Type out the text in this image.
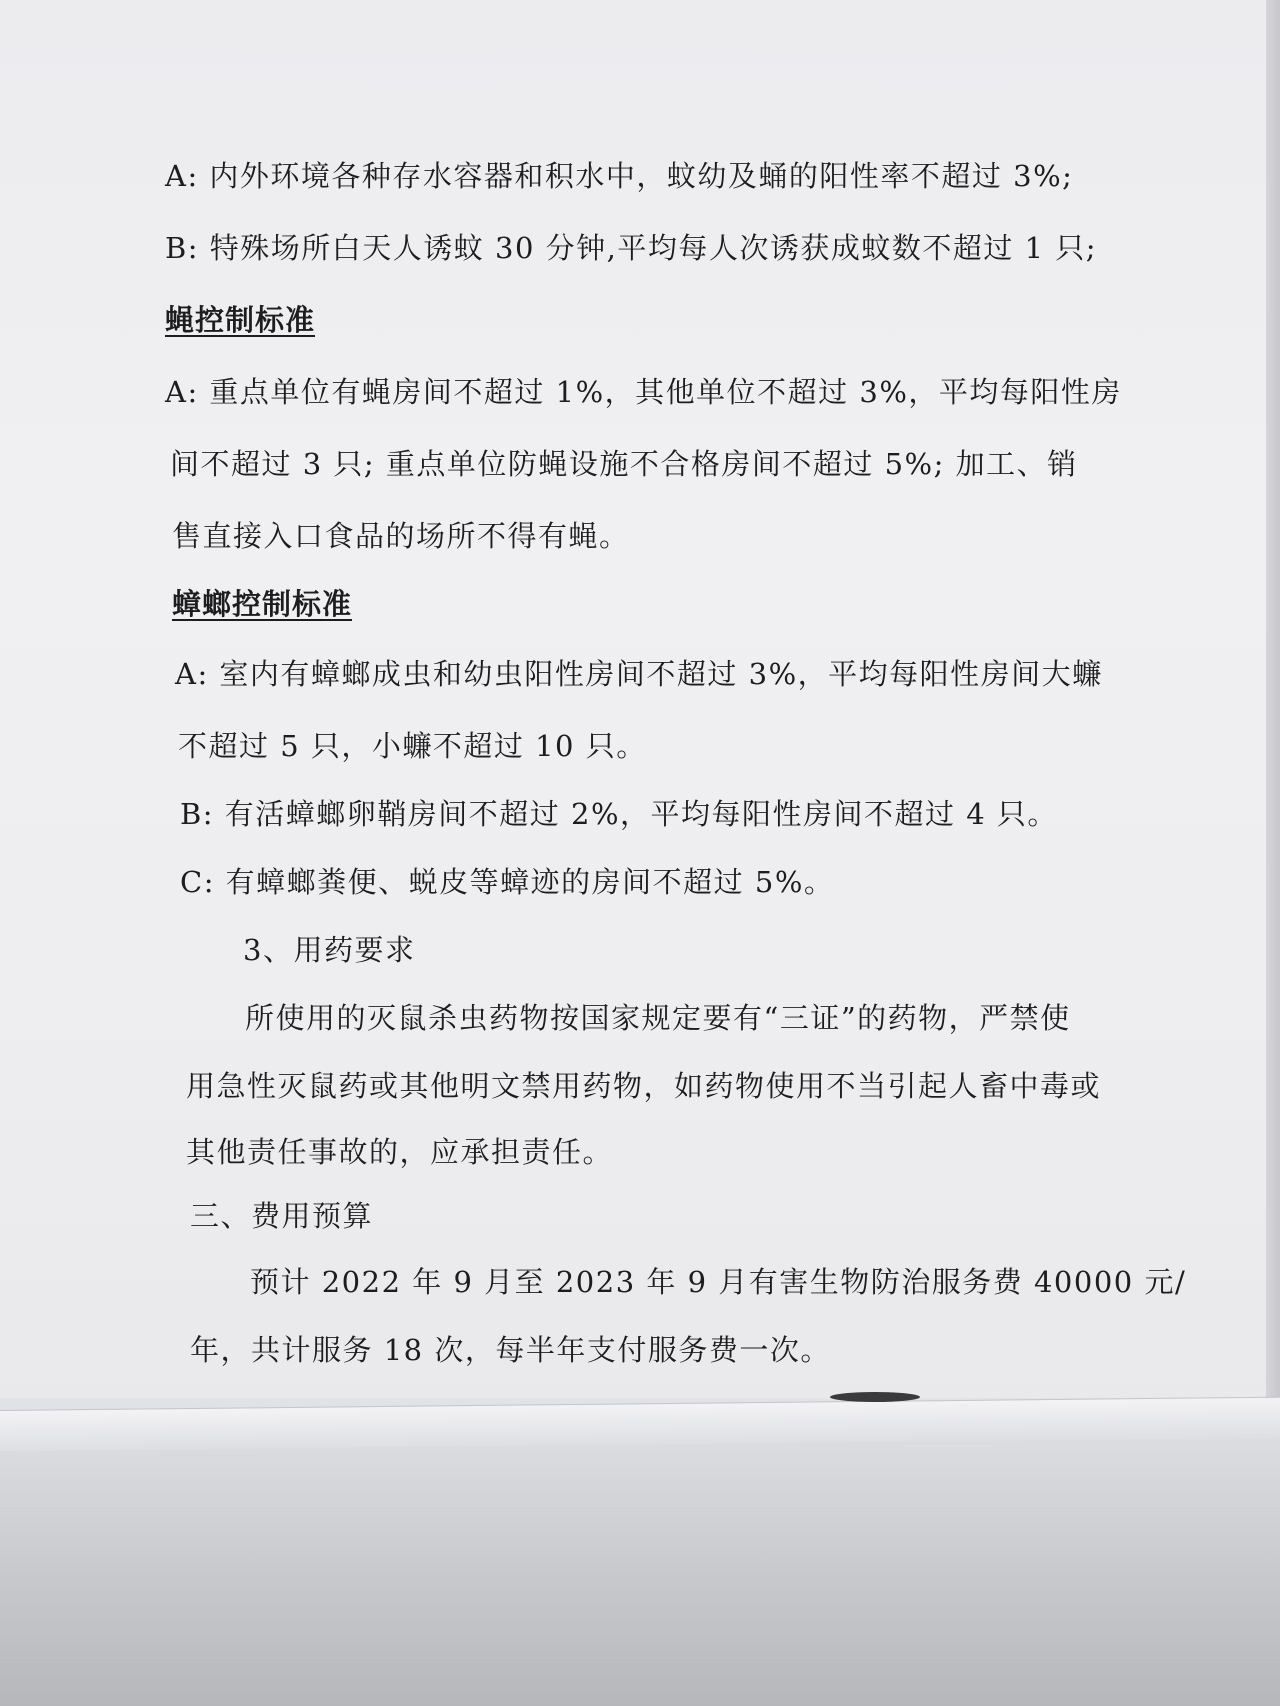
A: 内外环境各种存水容器和积水中，蚊幼及蛹的阳性率不超过 3%;

B: 特殊场所白天人诱蚊 30 分钟,平均每人次诱获成蚊数不超过 1 只;

蝇控制标准

A: 重点单位有蝇房间不超过 1%，其他单位不超过 3%，平均每阳性房

间不超过 3 只; 重点单位防蝇设施不合格房间不超过 5%; 加工、销

售直接入口食品的场所不得有蝇。

蟑螂控制标准

A: 室内有蟑螂成虫和幼虫阳性房间不超过 3%，平均每阳性房间大蠊

不超过 5 只，小蠊不超过 10 只。

B: 有活蟑螂卵鞘房间不超过 2%，平均每阳性房间不超过 4 只。

C: 有蟑螂粪便、蜕皮等蟑迹的房间不超过 5%。

3、用药要求

所使用的灭鼠杀虫药物按国家规定要有“三证”的药物，严禁使

用急性灭鼠药或其他明文禁用药物，如药物使用不当引起人畜中毒或

其他责任事故的，应承担责任。

三、费用预算

预计 2022 年 9 月至 2023 年 9 月有害生物防治服务费 40000 元/

年，共计服务 18 次，每半年支付服务费一次。
